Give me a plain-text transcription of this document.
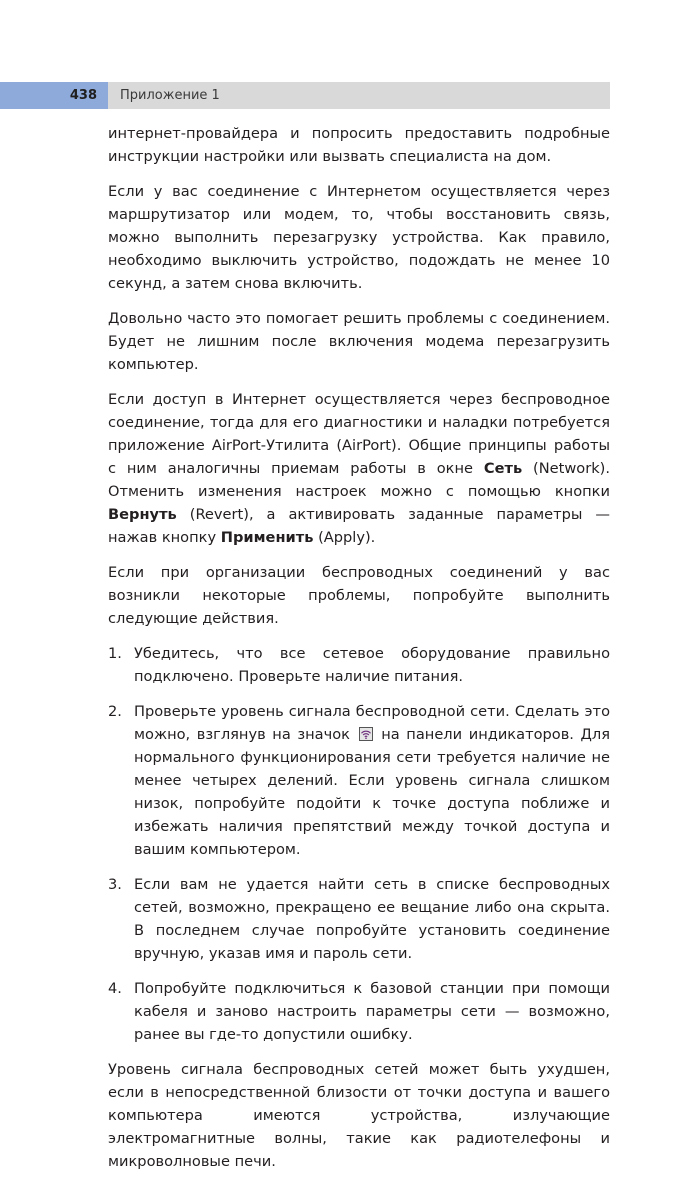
438	Приложение 1

интернет-провайдера и попросить предоставить подробные инструкции настройки или вызвать специалиста на дом.

Если у вас соединение с Интернетом осуществляется через маршрутизатор или модем, то, чтобы восстановить связь, можно выполнить перезагрузку устройства. Как правило, необходимо выключить устройство, подождать не менее 10 секунд, а затем снова включить.

Довольно часто это помогает решить проблемы с соединением. Будет не лишним после включения модема перезагрузить компьютер.

Если доступ в Интернет осуществляется через беспроводное соединение, тогда для его диагностики и наладки потребуется приложение AirPort-Утилита (AirPort). Общие принципы работы с ним аналогичны приемам работы в окне Сеть (Network). Отменить изменения настроек можно с помощью кнопки Вернуть (Revert), а активировать заданные параметры — нажав кнопку Применить (Apply).

Если при организации беспроводных соединений у вас возникли некоторые проблемы, попробуйте выполнить следующие действия.

1. Убедитесь, что все сетевое оборудование правильно подключено. Проверьте наличие питания.
2. Проверьте уровень сигнала беспроводной сети. Сделать это можно, взглянув на значок на панели индикаторов. Для нормального функционирования сети требуется наличие не менее четырех делений. Если уровень сигнала слишком низок, попробуйте подойти к точке доступа поближе и избежать наличия препятствий между точкой доступа и вашим компьютером.
3. Если вам не удается найти сеть в списке беспроводных сетей, возможно, прекращено ее вещание либо она скрыта. В последнем случае попробуйте установить соединение вручную, указав имя и пароль сети.
4. Попробуйте подключиться к базовой станции при помощи кабеля и заново настроить параметры сети — возможно, ранее вы где-то допустили ошибку.

Уровень сигнала беспроводных сетей может быть ухудшен, если в непосредственной близости от точки доступа и вашего компьютера имеются устройства, излучающие электромагнитные волны, такие как радиотелефоны и микроволновые печи.
